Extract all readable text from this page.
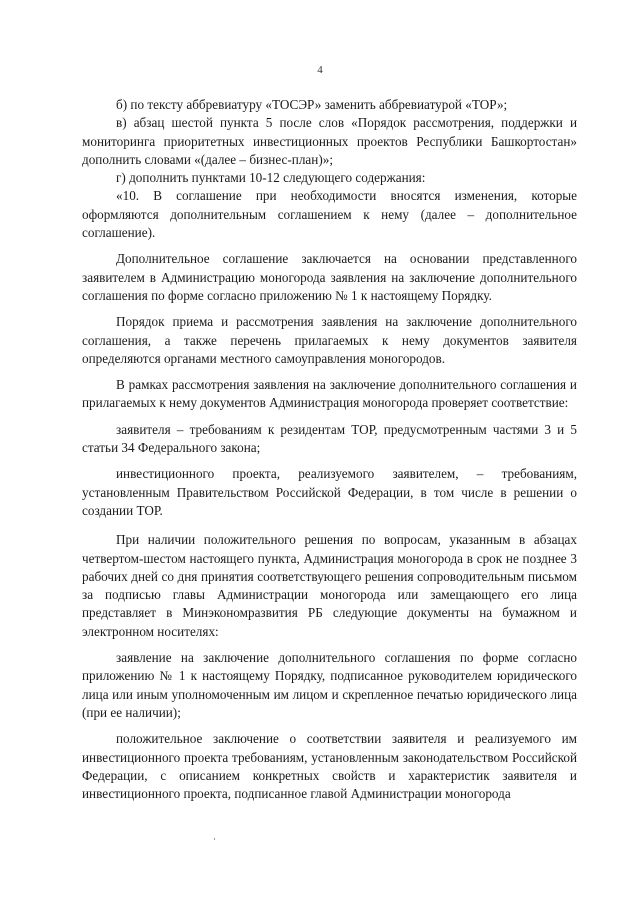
4

б) по тексту аббревиатуру «ТОСЭР» заменить аббревиатурой «ТОР»;

в) абзац шестой пункта 5 после слов «Порядок рассмотрения, поддержки и мониторинга приоритетных инвестиционных проектов Республики Башкортостан» дополнить словами «(далее – бизнес-план)»;

г) дополнить пунктами 10-12 следующего содержания:

«10. В соглашение при необходимости вносятся изменения, которые оформляются дополнительным соглашением к нему (далее – дополнительное соглашение).

Дополнительное соглашение заключается на основании представленного заявителем в Администрацию моногорода заявления на заключение дополнительного соглашения по форме согласно приложению № 1 к настоящему Порядку.

Порядок приема и рассмотрения заявления на заключение дополнительного соглашения, а также перечень прилагаемых к нему документов заявителя определяются органами местного самоуправления моногородов.

В рамках рассмотрения заявления на заключение дополнительного соглашения и прилагаемых к нему документов Администрация моногорода проверяет соответствие:

заявителя – требованиям к резидентам ТОР, предусмотренным частями 3 и 5 статьи 34 Федерального закона;

инвестиционного проекта, реализуемого заявителем, – требованиям, установленным Правительством Российской Федерации, в том числе в решении о создании ТОР.

При наличии положительного решения по вопросам, указанным в абзацах четвертом-шестом настоящего пункта, Администрация моногорода в срок не позднее 3 рабочих дней со дня принятия соответствующего решения сопроводительным письмом за подписью главы Администрации моногорода или замещающего его лица представляет в Минэкономразвития РБ следующие документы на бумажном и электронном носителях:

заявление на заключение дополнительного соглашения по форме согласно приложению № 1 к настоящему Порядку, подписанное руководителем юридического лица или иным уполномоченным им лицом и скрепленное печатью юридического лица (при ее наличии);

положительное заключение о соответствии заявителя и реализуемого им инвестиционного проекта требованиям, установленным законодательством Российской Федерации, с описанием конкретных свойств и характеристик заявителя и инвестиционного проекта, подписанное главой Администрации моногорода
